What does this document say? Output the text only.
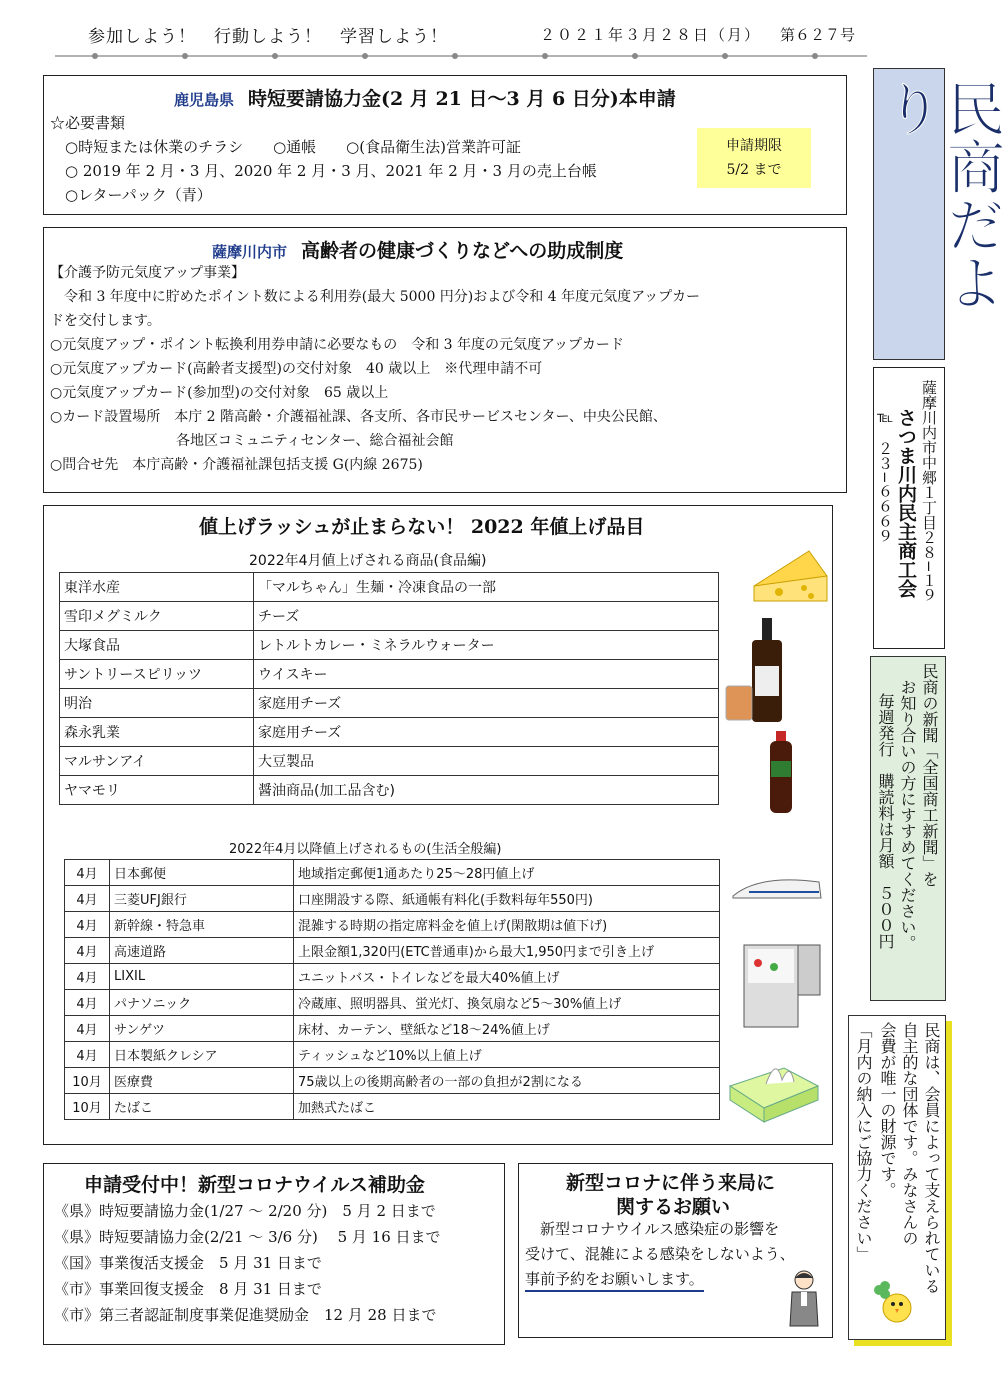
参加しよう！　行動しよう！　学習しよう！	２０２１年３月２８日（月） 第６２７号
鹿児島県 時短要請協力金(2 月 21 日～3 月 6 日分)本申請
☆必要書類
　○時短または休業のチラシ　　○通帳　　○(食品衛生法)営業許可証
　○ 2019 年 2 月・3 月、2020 年 2 月・3 月、2021 年 2 月・3 月の売上台帳
　○レターパック（青）
申請期限
5/2 まで
薩摩川内市 高齢者の健康づくりなどへの助成制度
【介護予防元気度アップ事業】
　令和 3 年度中に貯めたポイント数による利用券(最大 5000 円分)および令和 4 年度元気度アップカー
ドを交付します。
○元気度アップ・ポイント転換利用券申請に必要なもの　令和 3 年度の元気度アップカード
○元気度アップカード(高齢者支援型)の交付対象　40 歳以上　※代理申請不可
○元気度アップカード(参加型)の交付対象　65 歳以上
○カード設置場所　本庁 2 階高齢・介護福祉課、各支所、各市民サービスセンター、中央公民館、
　　　　　　　　　各地区コミュニティセンター、総合福祉会館
○問合せ先　本庁高齢・介護福祉課包括支援 G(内線 2675)
値上げラッシュが止まらない！ 2022 年値上げ品目
2022年4月値上げされる商品(食品編)
東洋水産	「マルちゃん」生麺・冷凍食品の一部
雪印メグミルク	チーズ
大塚食品	レトルトカレー・ミネラルウォーター
サントリースピリッツ	ウイスキー
明治	家庭用チーズ
森永乳業	家庭用チーズ
マルサンアイ	大豆製品
ヤマモリ	醤油商品(加工品含む)
2022年4月以降値上げされるもの(生活全般編)
4月	日本郵便	地域指定郵便1通あたり25～28円値上げ
4月	三菱UFJ銀行	口座開設する際、紙通帳有料化(手数料毎年550円)
4月	新幹線・特急車	混雑する時期の指定席料金を値上げ(閑散期は値下げ)
4月	高速道路	上限金額1,320円(ETC普通車)から最大1,950円まで引き上げ
4月	LIXIL	ユニットバス・トイレなどを最大40%値上げ
4月	パナソニック	冷蔵庫、照明器具、蛍光灯、換気扇など5～30%値上げ
4月	サンゲツ	床材、カーテン、壁紙など18～24%値上げ
4月	日本製紙クレシア	ティッシュなど10%以上値上げ
10月	医療費	75歳以上の後期高齢者の一部の負担が2割になる
10月	たばこ	加熱式たばこ
申請受付中！新型コロナウイルス補助金
《県》時短要請協力金(1/27 ～ 2/20 分)　5 月 2 日まで
《県》時短要請協力金(2/21 ～ 3/6 分)　 5 月 16 日まで
《国》事業復活支援金　5 月 31 日まで
《市》事業回復支援金　8 月 31 日まで
《市》第三者認証制度事業促進奨励金　12 月 28 日まで
新型コロナに伴う来局に
関するお願い
　新型コロナウイルス感染症の影響を
受けて、混雑による感染をしないよう、
事前予約をお願いします。
民商だより
薩摩川内市中郷１丁目２８−１９
さつま川内民主商工会
℡　２３−６６６９
民商の新聞「全国商工新聞」を
お知り合いの方にすすめてください。
毎週発行　購読料は月額　５００円
民商は、会員によって支えられている
自主的な団体です。みなさんの
会費が唯一の財源です。
「月内の納入にご協力ください」
